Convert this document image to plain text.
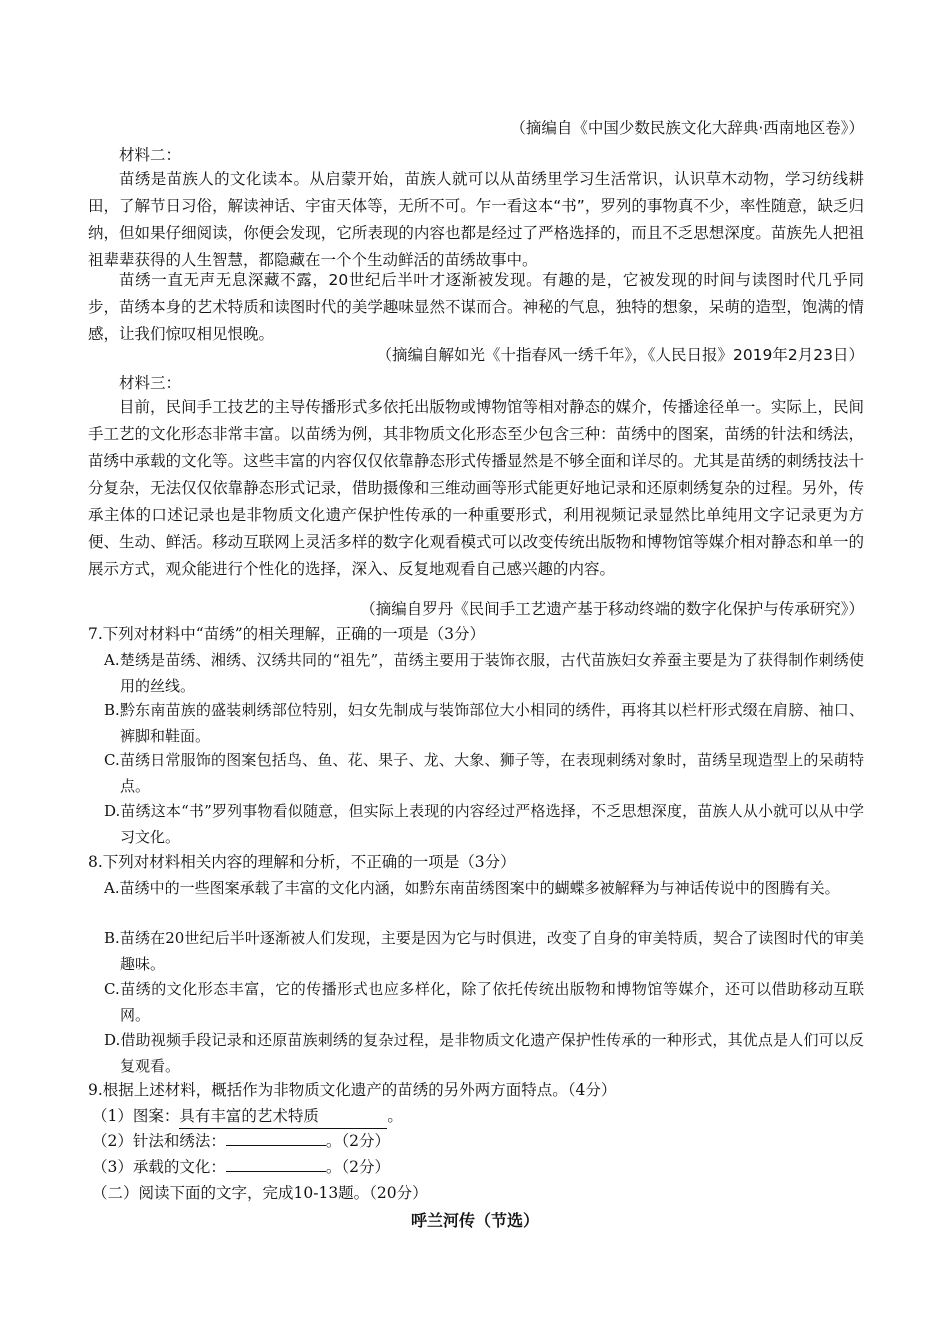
（摘编自《中国少数民族文化大辞典·西南地区卷》）
材料二：
苗绣是苗族人的文化读本。从启蒙开始，苗族人就可以从苗绣里学习生活常识，认识草木动物，学习纺线耕田，了解节日习俗，解读神话、宇宙天体等，无所不可。乍一看这本“书”，罗列的事物真不少，率性随意，缺乏归纳，但如果仔细阅读，你便会发现，它所表现的内容也都是经过了严格选择的，而且不乏思想深度。苗族先人把祖祖辈辈获得的人生智慧，都隐藏在一个个生动鲜活的苗绣故事中。
苗绣一直无声无息深藏不露，20世纪后半叶才逐渐被发现。有趣的是，它被发现的时间与读图时代几乎同步，苗绣本身的艺术特质和读图时代的美学趣味显然不谋而合。神秘的气息，独特的想象，呆萌的造型，饱满的情感，让我们惊叹相见恨晚。
（摘编自解如光《十指春风一绣千年》，《人民日报》2019年2月23日）
材料三：
目前，民间手工技艺的主导传播形式多依托出版物或博物馆等相对静态的媒介，传播途径单一。实际上，民间手工艺的文化形态非常丰富。以苗绣为例，其非物质文化形态至少包含三种：苗绣中的图案，苗绣的针法和绣法，苗绣中承载的文化等。这些丰富的内容仅仅依靠静态形式传播显然是不够全面和详尽的。尤其是苗绣的刺绣技法十分复杂，无法仅仅依靠静态形式记录，借助摄像和三维动画等形式能更好地记录和还原刺绣复杂的过程。另外，传承主体的口述记录也是非物质文化遗产保护性传承的一种重要形式，利用视频记录显然比单纯用文字记录更为方便、生动、鲜活。移动互联网上灵活多样的数字化观看模式可以改变传统出版物和博物馆等媒介相对静态和单一的展示方式，观众能进行个性化的选择，深入、反复地观看自己感兴趣的内容。
（摘编自罗丹《民间手工艺遗产基于移动终端的数字化保护与传承研究》）
7.下列对材料中“苗绣”的相关理解，正确的一项是（3分）
A.楚绣是苗绣、湘绣、汉绣共同的“祖先”，苗绣主要用于装饰衣服，古代苗族妇女养蚕主要是为了获得制作刺绣使用的丝线。
B.黔东南苗族的盛装刺绣部位特别，妇女先制成与装饰部位大小相同的绣件，再将其以栏杆形式缀在肩膀、袖口、裤脚和鞋面。
C.苗绣日常服饰的图案包括鸟、鱼、花、果子、龙、大象、狮子等，在表现刺绣对象时，苗绣呈现造型上的呆萌特点。
D.苗绣这本“书”罗列事物看似随意，但实际上表现的内容经过严格选择，不乏思想深度，苗族人从小就可以从中学习文化。
8.下列对材料相关内容的理解和分析，不正确的一项是（3分）
A.苗绣中的一些图案承载了丰富的文化内涵，如黔东南苗绣图案中的蝴蝶多被解释为与神话传说中的图腾有关。
B.苗绣在20世纪后半叶逐渐被人们发现，主要是因为它与时俱进，改变了自身的审美特质，契合了读图时代的审美趣味。
C.苗绣的文化形态丰富，它的传播形式也应多样化，除了依托传统出版物和博物馆等媒介，还可以借助移动互联网。
D.借助视频手段记录和还原苗族刺绣的复杂过程，是非物质文化遗产保护性传承的一种形式，其优点是人们可以反复观看。
9.根据上述材料，概括作为非物质文化遗产的苗绣的另外两方面特点。（4分）
（1）图案：具有丰富的艺术特质	。
（2）针法和绣法：	。（2分）
（3）承载的文化：	。（2分）
（二）阅读下面的文字，完成10-13题。（20分）
呼兰河传（节选）
